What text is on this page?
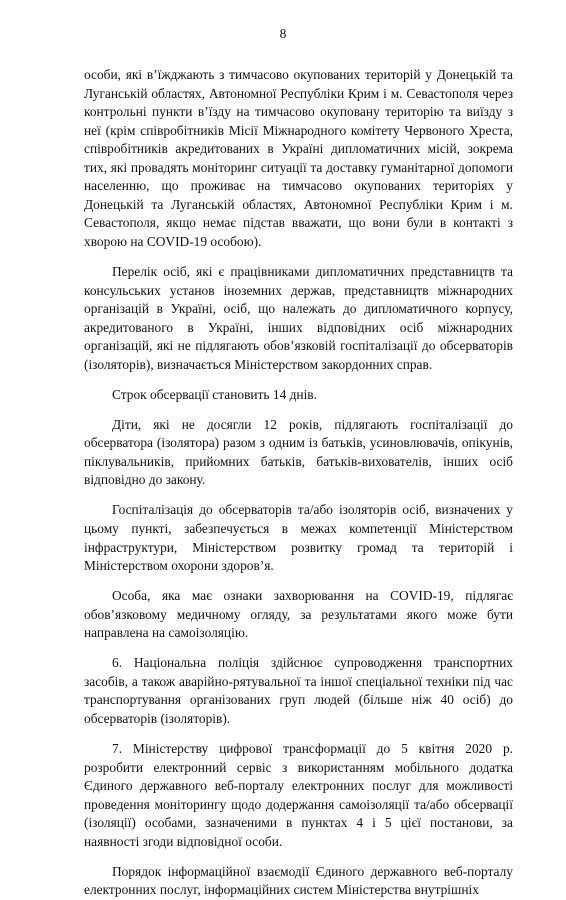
8

особи, які в’їжджають з тимчасово окупованих територій у Донецькій та Луганській областях, Автономної Республіки Крим і м. Севастополя через контрольні пункти в’їзду на тимчасово окуповану територію та виїзду з неї (крім співробітників Місії Міжнародного комітету Червоного Хреста, співробітників акредитованих в Україні дипломатичних місій, зокрема тих, які провадять моніторинг ситуації та доставку гуманітарної допомоги населенню, що проживає на тимчасово окупованих територіях у Донецькій та Луганській областях, Автономної Республіки Крим і м. Севастополя, якщо немає підстав вважати, що вони були в контакті з хворою на COVID-19 особою).

Перелік осіб, які є працівниками дипломатичних представництв та консульських установ іноземних держав, представництв міжнародних організацій в Україні, осіб, що належать до дипломатичного корпусу, акредитованого в Україні, інших відповідних осіб міжнародних організацій, які не підлягають обов’язковій госпіталізації до обсерваторів (ізоляторів), визначається Міністерством закордонних справ.

Строк обсервації становить 14 днів.

Діти, які не досягли 12 років, підлягають госпіталізації до обсерватора (ізолятора) разом з одним із батьків, усиновлювачів, опікунів, піклувальників, прийомних батьків, батьків-вихователів, інших осіб відповідно до закону.

Госпіталізація до обсерваторів та/або ізоляторів осіб, визначених у цьому пункті, забезпечується в межах компетенції Міністерством інфраструктури, Міністерством розвитку громад та територій і Міністерством охорони здоров’я.

Особа, яка має ознаки захворювання на COVID-19, підлягає обов’язковому медичному огляду, за результатами якого може бути направлена на самоізоляцію.

6. Національна поліція здійснює супроводження транспортних засобів, а також аварійно-рятувальної та іншої спеціальної техніки під час транспортування організованих груп людей (більше ніж 40 осіб) до обсерваторів (ізоляторів).

7. Міністерству цифрової трансформації до 5 квітня 2020 р. розробити електронний сервіс з використанням мобільного додатка Єдиного державного веб-порталу електронних послуг для можливості проведення моніторингу щодо додержання самоізоляції та/або обсервації (ізоляції) особами, зазначеними в пунктах 4 і 5 цієї постанови, за наявності згоди відповідної особи.

Порядок інформаційної взаємодії Єдиного державного веб-порталу електронних послуг, інформаційних систем Міністерства внутрішніх
